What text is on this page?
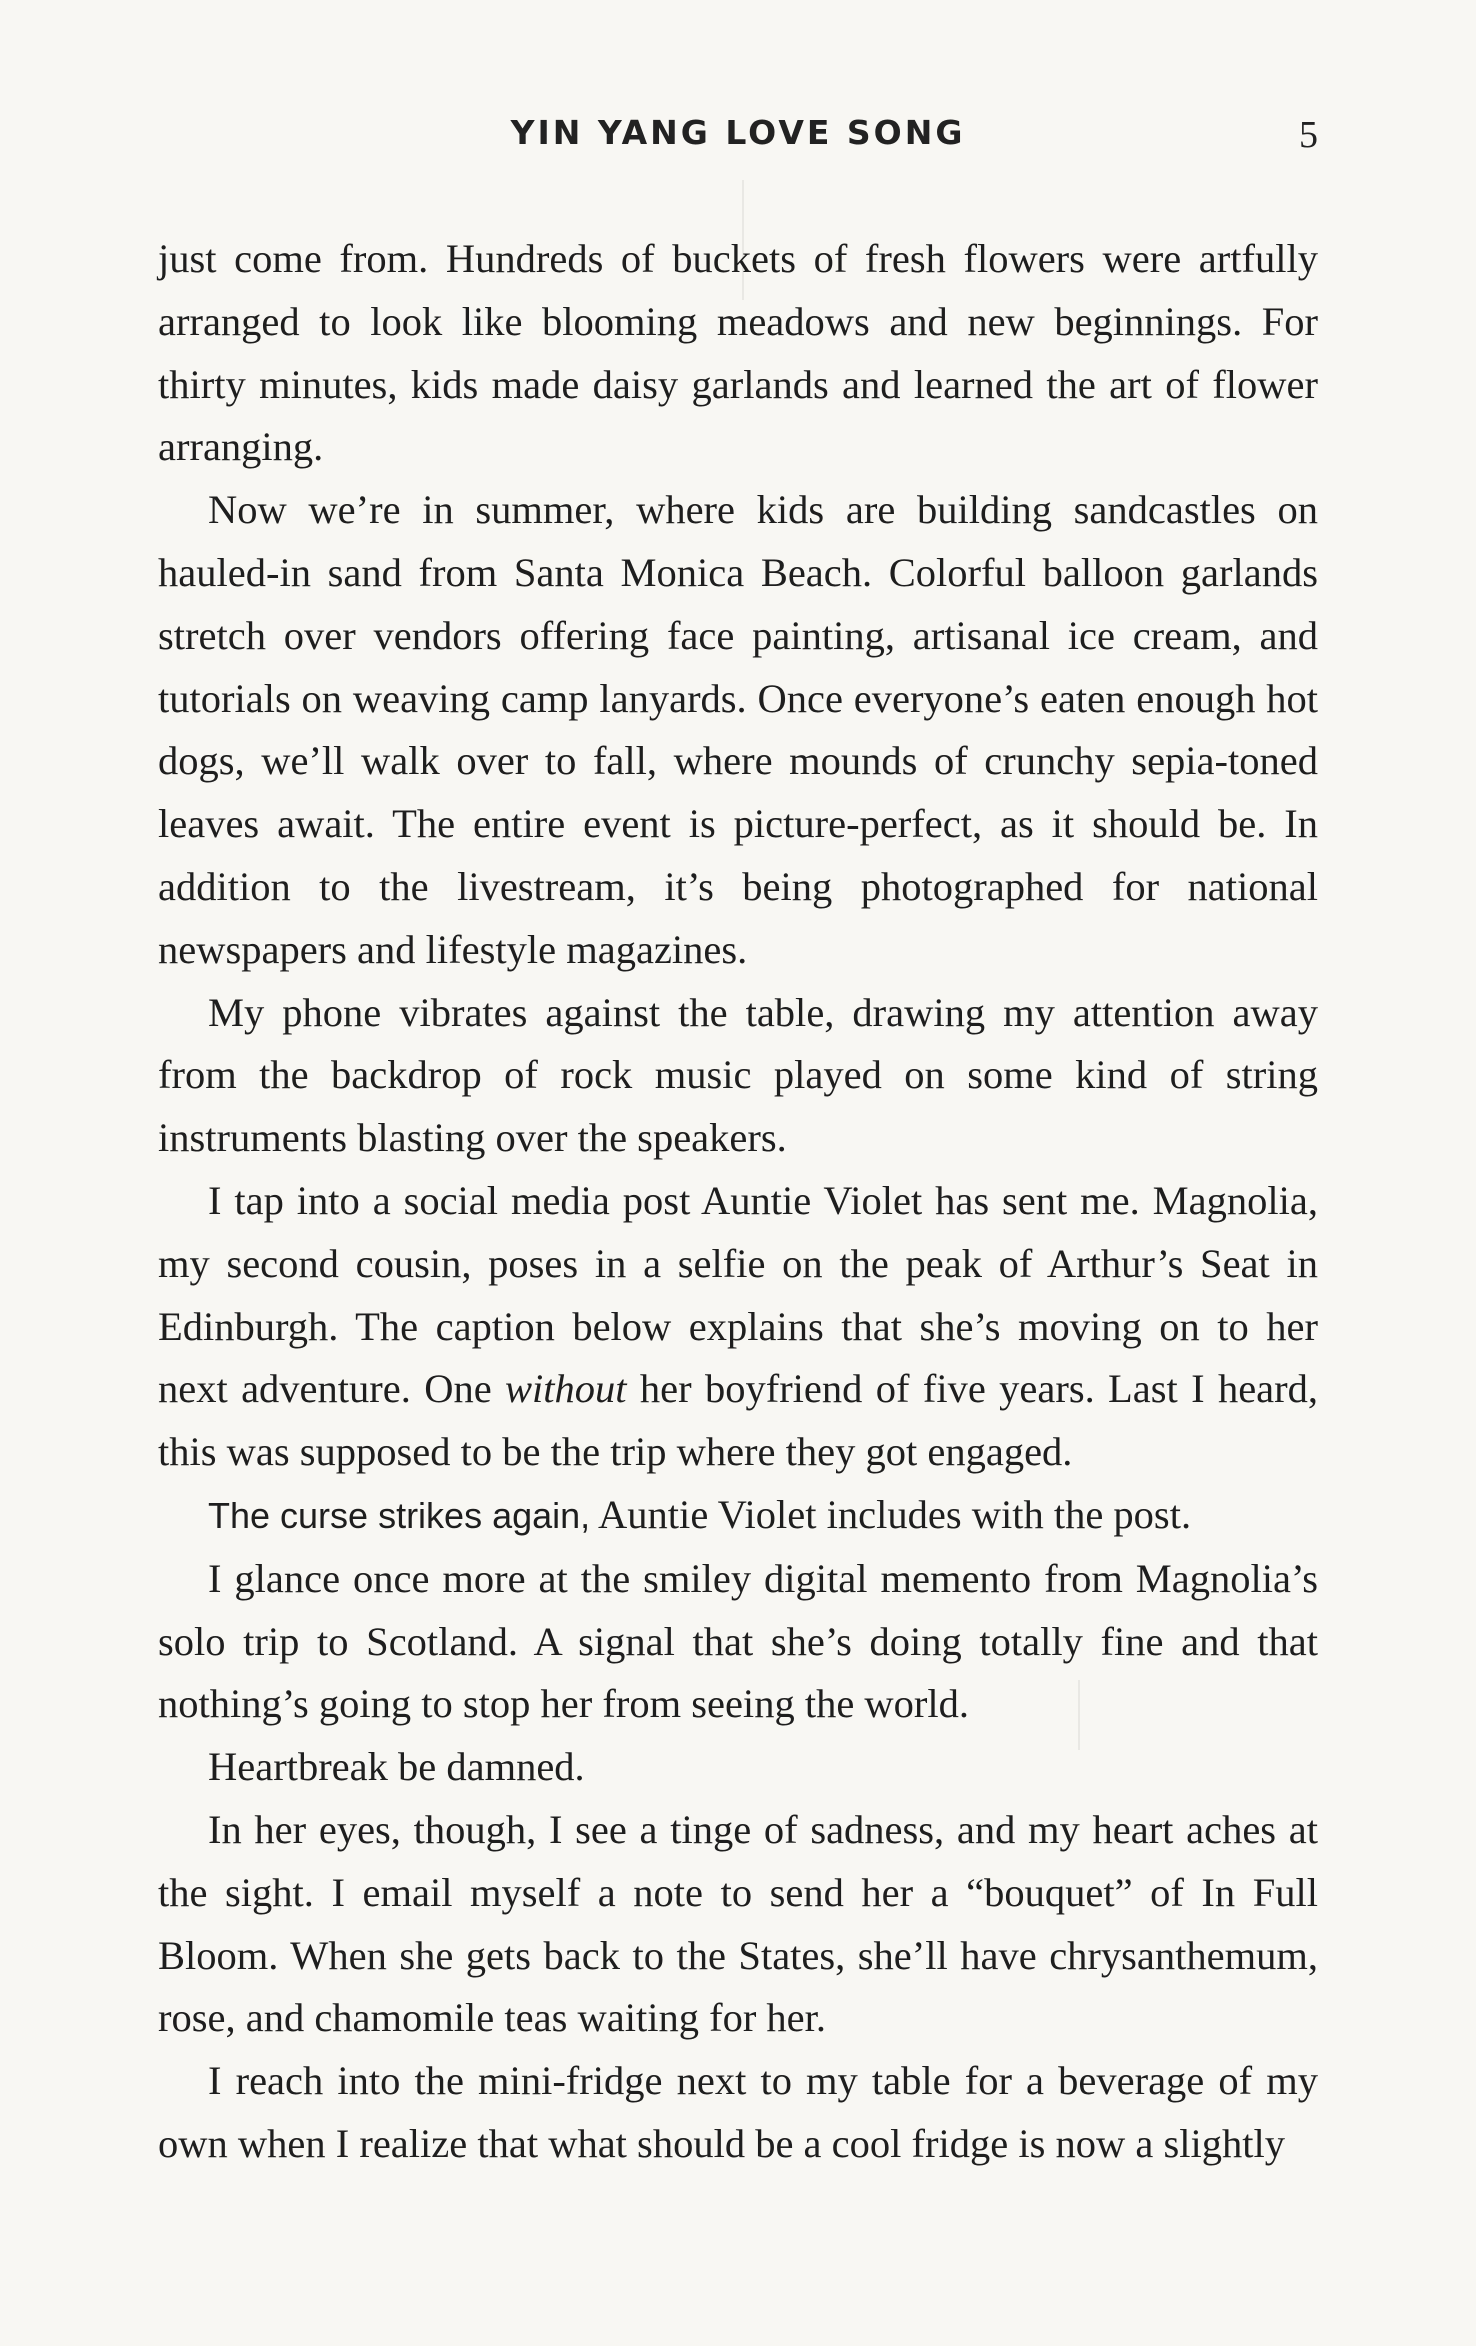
YIN YANG LOVE SONG	5

just come from. Hundreds of buckets of fresh flowers were artfully arranged to look like blooming meadows and new beginnings. For thirty minutes, kids made daisy garlands and learned the art of flower arranging.

Now we’re in summer, where kids are building sandcastles on hauled-in sand from Santa Monica Beach. Colorful balloon garlands stretch over vendors offering face painting, artisanal ice cream, and tutorials on weaving camp lanyards. Once everyone’s eaten enough hot dogs, we’ll walk over to fall, where mounds of crunchy sepia-toned leaves await. The entire event is picture-perfect, as it should be. In addition to the livestream, it’s being photographed for national newspapers and lifestyle magazines.

My phone vibrates against the table, drawing my attention away from the backdrop of rock music played on some kind of string instruments blasting over the speakers.

I tap into a social media post Auntie Violet has sent me. Magnolia, my second cousin, poses in a selfie on the peak of Arthur’s Seat in Edinburgh. The caption below explains that she’s moving on to her next adventure. One without her boyfriend of five years. Last I heard, this was supposed to be the trip where they got engaged.

The curse strikes again, Auntie Violet includes with the post.

I glance once more at the smiley digital memento from Magnolia’s solo trip to Scotland. A signal that she’s doing totally fine and that nothing’s going to stop her from seeing the world.

Heartbreak be damned.

In her eyes, though, I see a tinge of sadness, and my heart aches at the sight. I email myself a note to send her a “bouquet” of In Full Bloom. When she gets back to the States, she’ll have chrysanthemum, rose, and chamomile teas waiting for her.

I reach into the mini-fridge next to my table for a beverage of my own when I realize that what should be a cool fridge is now a slightly
